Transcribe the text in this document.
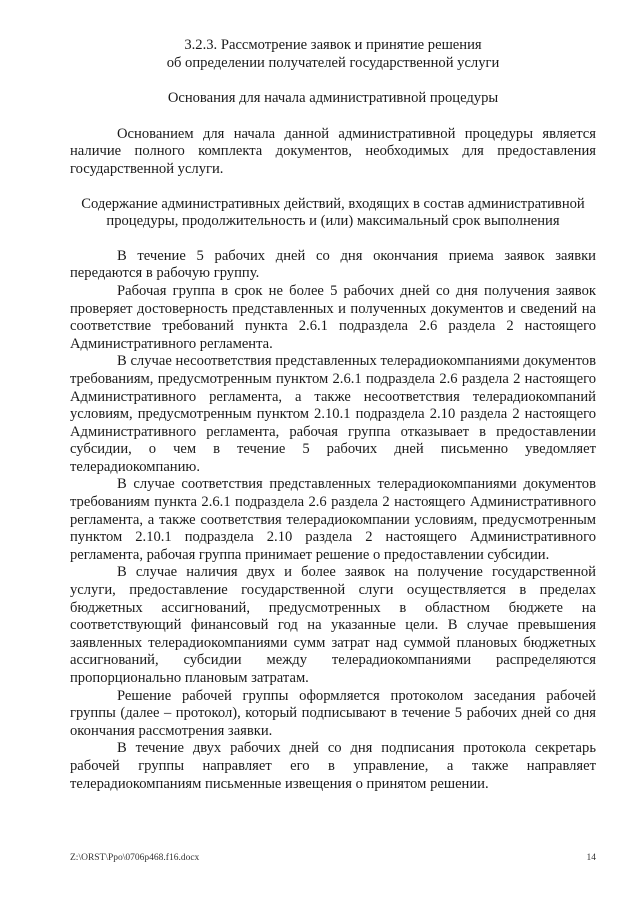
3.2.3. Рассмотрение заявок и принятие решения
об определении получателей государственной услуги

Основания для начала административной процедуры

Основанием для начала данной административной процедуры является наличие полного комплекта документов, необходимых для предоставления государственной услуги.

Содержание административных действий, входящих в состав административной
процедуры, продолжительность и (или) максимальный срок выполнения

В течение 5 рабочих дней со дня окончания приема заявок заявки передаются в рабочую группу.

Рабочая группа в срок не более 5 рабочих дней со дня получения заявок проверяет достоверность представленных и полученных документов и сведений на соответствие требований пункта 2.6.1 подраздела 2.6 раздела 2 настоящего Административного регламента.

В случае несоответствия представленных телерадиокомпаниями документов требованиям, предусмотренным пунктом 2.6.1 подраздела 2.6 раздела 2 настоящего Административного регламента, а также несоответствия телерадиокомпаний условиям, предусмотренным пунктом 2.10.1 подраздела 2.10 раздела 2 настоящего Административного регламента, рабочая группа отказывает в предоставлении субсидии, о чем в течение 5 рабочих дней письменно уведомляет телерадиокомпанию.

В случае соответствия представленных телерадиокомпаниями документов требованиям пункта 2.6.1 подраздела 2.6 раздела 2 настоящего Административного регламента, а также соответствия телерадиокомпании условиям, предусмотренным пунктом 2.10.1 подраздела 2.10 раздела 2 настоящего Административного регламента, рабочая группа принимает решение о предоставлении субсидии.

В случае наличия двух и более заявок на получение государственной услуги, предоставление государственной слуги осуществляется в пределах бюджетных ассигнований, предусмотренных в областном бюджете на соответствующий финансовый год на указанные цели. В случае превышения заявленных телерадиокомпаниями сумм затрат над суммой плановых бюджетных ассигнований, субсидии между телерадиокомпаниями распределяются пропорционально плановым затратам.

Решение рабочей группы оформляется протоколом заседания рабочей группы (далее – протокол), который подписывают в течение 5 рабочих дней со дня окончания рассмотрения заявки.

В течение двух рабочих дней со дня подписания протокола секретарь рабочей группы направляет его в управление, а также направляет телерадиокомпаниям письменные извещения о принятом решении.

Z:\ORST\Ppo\0706p468.f16.docx	14
